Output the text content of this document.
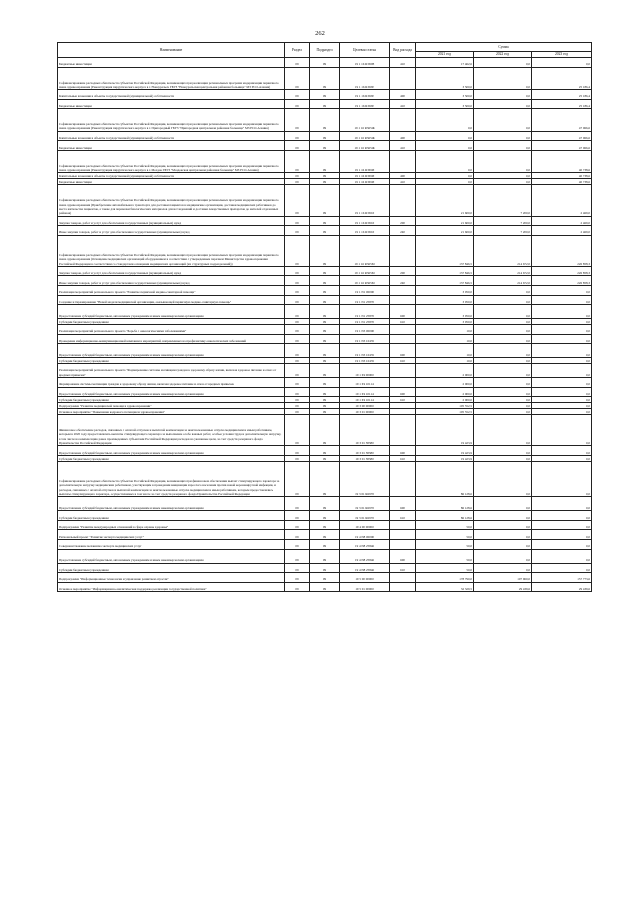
262
Наименование	Раздел	Подраздел	Целевая статья	Вид расхода	Сумма		
					2021 год	2022 год	2023 год
Бюджетные инвестиции	09	09	19 1 16 R365В	410	17 462,6	0,0	0,0
Софинансирование расходных обязательств субъектов Российской Федерации, возникающих при реализации региональных программ модернизации первичного звена здравоохранения (Реконструкция хирургического корпуса в г. Новоуральск ГБУЗ "Новоуральская центральная районная больница" МЗ РСО-Алания)	09	09	19 1 16 R365Е		3 500,0	0,0	25 186,4
Капитальные вложения в объекты государственной (муниципальной) собственности	09	09	19 1 16 R365Е	400	3 500,0	0,0	25 186,4
Бюджетные инвестиции	09	09	19 1 16 R365Е	410	3 500,0	0,0	25 186,4
Софинансирование расходных обязательств субъектов Российской Федерации, возникающих при реализации региональных программ модернизации первичного звена здравоохранения (Реконструкция хирургического корпуса в г. Пригородный ГБУЗ "Пригородная центральная районная больница" МЗ РСО-Алания)	09	09	19 1 16 R365Ж		0,0	0,0	47 066,6
Капитальные вложения в объекты государственной (муниципальной) собственности	09	09	19 1 16 R365Ж	400	0,0	0,0	47 066,6
Бюджетные инвестиции	09	09	19 1 16 R365Ж	410	0,0	0,0	47 066,6
Софинансирование расходных обязательств субъектов Российской Федерации, возникающих при реализации региональных программ модернизации первичного звена здравоохранения (Реконструкция хирургического корпуса в г. Моздок ГБУЗ "Моздокская центральная районная больница" МЗ РСО-Алания)	09	09	19 1 16 R365И		0,0	0,0	40 738,6
Капитальные вложения в объекты государственной (муниципальной) собственности	09	09	19 1 16 R365И	400	0,0	0,0	40 738,6
Бюджетные инвестиции	09	09	19 1 16 R365И	410	0,0	0,0	40 738,6
Софинансирование расходных обязательств субъектов Российской Федерации, возникающих при реализации региональных программ модернизации первичного звена здравоохранения (Приобретение автомобильного транспорта для доставки пациентов в медицинские организации, доставки медицинских работников до места жительства пациентов, а также для перевозки биологических материалов для исследований и доставки лекарственных препаратов до жителей отдаленных районов)	09	09	19 1 16 R365Л		21 600,0	7 200,0	2 469,0
Закупка товаров, работ и услуг для обеспечения государственных (муниципальных) нужд	09	09	19 1 16 R365Л	200	21 600,0	7 200,0	2 469,0
Иные закупки товаров, работ и услуг для обеспечения государственных (муниципальных) нужд	09	09	19 1 16 R365Л	240	21 600,0	7 200,0	2 469,0
Софинансирование расходных обязательств субъектов Российской Федерации, возникающих при реализации региональных программ модернизации первичного звена здравоохранения (Оснащение медицинских организаций оборудованием в соответствии с утвержденным перечнем Министерства здравоохранения Российской Федерации в соответствии со стандартами оснащения медицинских организаций (их структурных подразделений))	09	09	19 1 16 R365М		137 846,5	214 672,0	226 858,3
Закупка товаров, работ и услуг для обеспечения государственных (муниципальных) нужд	09	09	19 1 16 R365М	200	137 846,5	214 672,0	226 858,3
Иные закупки товаров, работ и услуг для обеспечения государственных (муниципальных) нужд	09	09	19 1 16 R365М	240	137 846,5	214 672,0	226 858,3
Реализация мероприятий регионального проекта "Развитие первичной медико-санитарной помощи"	09	09	19 1 N1 00000		3 050,0	0,0	0,0
Создание и тиражирование "Новой модели медицинской организации, оказывающей первичную медико-санитарную помощь"	09	09	19 1 N1 25870		3 050,0	0,0	0,0
Предоставление субсидий бюджетным, автономным учреждениям и иным некоммерческим организациям	09	09	19 1 N1 25870	600	3 050,0	0,0	0,0
Субсидии бюджетным учреждениям	09	09	19 1 N1 25870	610	3 050,0	0,0	0,0
Реализация мероприятий регионального проекта "Борьба с онкологическими заболеваниями"	09	09	19 1 N3 00000		10,0	0,0	0,0
Проведение информационно-коммуникационной кампании в мероприятий, направленных на профилактику онкологических заболеваний	09	09	19 1 N3 10435		10,0	0,0	0,0
Предоставление субсидий бюджетным, автономным учреждениям и иным некоммерческим организациям	09	09	19 1 N3 10435	600	10,0	0,0	0,0
Субсидии бюджетным учреждениям	09	09	19 1 N3 10435	610	10,0	0,0	0,0
Реализация мероприятий регионального проекта "Формирование системы мотивации граждан к здоровому образу жизни, включая здоровое питание и отказ от вредных привычек"	09	09	19 1 P4 00000		2 000,0	0,0	0,0
Формирование системы мотивации граждан к здоровому образу жизни, включая здоровое питание и отказ от вредных привычек	09	09	19 1 P4 10114		2 000,0	0,0	0,0
Предоставление субсидий бюджетным, автономным учреждениям и иным некоммерческим организациям	09	09	19 1 P4 10114	600	2 000,0	0,0	0,0
Субсидии бюджетным учреждениям	09	09	19 1 P4 10114	610	2 000,0	0,0	0,0
Подпрограмма "Развитие медицинской помощи в здравоохранении"	09	09	19 3 00 00000		105 552,5	0,0	0,0
Основное мероприятие "Повышение кадрового потенциала здравоохранения"	09	09	19 3 01 00000		105 552,5	0,0	0,0
Финансовое обеспечение расходов, связанных с оплатой отпусков и выплатой компенсации за неиспользованные отпуска медицинским и иным работникам, которым в 2020 году предоставлялись выплаты стимулирующего характера за выполнение особо важных работ, особые условия труда и дополнительную нагрузку, в том числе на компенсацию ранее произведенных субъектами Российской Федерации расходов на указанные цели, за счет средств резервного фонда Правительства Российской Федерации	09	09	19 3 01 58380		19 423,9	0,0	0,0
Предоставление субсидий бюджетным, автономным учреждениям и иным некоммерческим организациям	09	09	19 3 01 58380	600	19 423,9	0,0	0,0
Субсидии бюджетным учреждениям	09	09	19 3 01 58380	610	19 423,9	0,0	0,0
Софинансирование расходных обязательств субъектов Российской Федерации, возникающих при финансовом обеспечении выплат стимулирующего характера за дополнительную нагрузку медицинским работникам, участвующим в проведении вакцинации взрослого населения против новой коронавирусной инфекции, и расходов, связанных с оплатой отпусков и выплатой компенсации за неиспользованные отпуска медицинским и иным работникам, которым предоставлялись выплаты стимулирующего характера, осуществляемых в том числе за счет средств резервного фонда Правительства Российской Федерации	09	09	19 3 01 R6970		86 128,6	0,0	0,0
Предоставление субсидий бюджетным, автономным учреждениям и иным некоммерческим организациям	09	09	19 3 01 R6970	600	86 128,6	0,0	0,0
Субсидии бюджетным учреждениям	09	09	19 3 01 R6970	610	86 128,6	0,0	0,0
Подпрограмма "Развитие международных отношений в сфере охраны здоровья"	09	09	19 4 00 00000		50,0	0,0	0,0
Региональный проект "Развитие экспорта медицинских услуг"	09	09	19 4 N8 00000		50,0	0,0	0,0
Совершенствование механизма экспорта медицинских услуг	09	09	19 4 N8 25846		50,0	0,0	0,0
Предоставление субсидий бюджетным, автономным учреждениям и иным некоммерческим организациям	09	09	19 4 N8 25846	600	50,0	0,0	0,0
Субсидии бюджетным учреждениям	09	09	19 4 N8 25846	610	50,0	0,0	0,0
Подпрограмма "Информационные технологии и управление развитием отрасли"	09	09	19 5 00 00000		178 790,0	107 960,0	157 773,6
Основное мероприятие "Информационно-аналитическая поддержка реализации государственной политики"	09	09	19 5 01 00000		32 329,5	29 439,6	29 439,6
